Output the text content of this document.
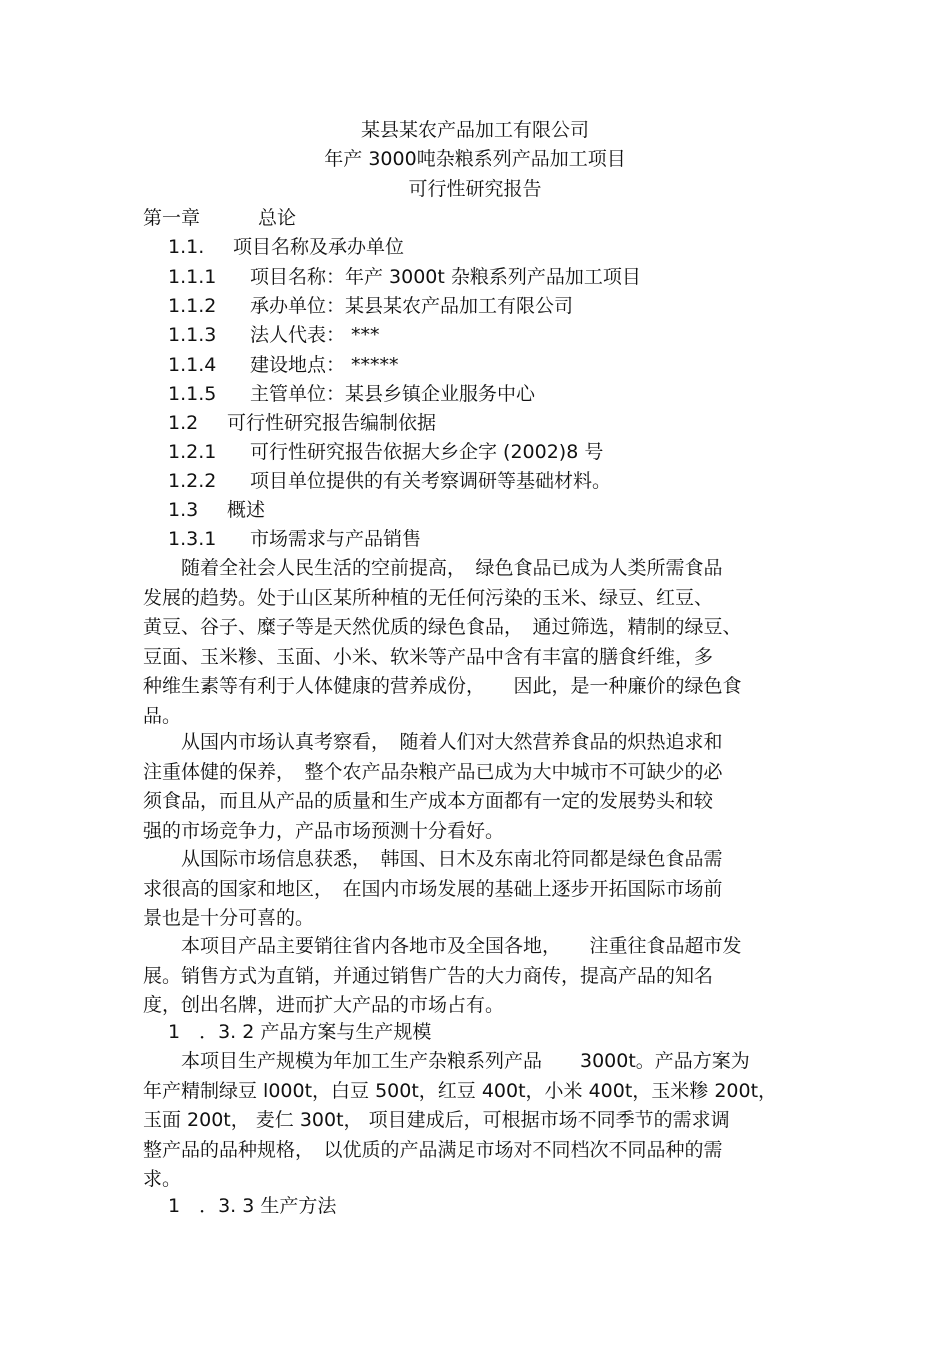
某县某农产品加工有限公司
年产 3000吨杂粮系列产品加工项目
可行性研究报告
第一章	总论
1.1. 项目名称及承办单位
1.1.1 项目名称：年产 3000t 杂粮系列产品加工项目
1.1.2 承办单位：某县某农产品加工有限公司
1.1.3 法人代表： ***
1.1.4 建设地点： *****
1.1.5 主管单位：某县乡镇企业服务中心
1.2 可行性研究报告编制依据
1.2.1 可行性研究报告依据大乡企字 (2002)8 号
1.2.2 项目单位提供的有关考察调研等基础材料。
1.3 概述
1.3.1 市场需求与产品销售

　　随着全社会人民生活的空前提高，　绿色食品已成为人类所需食品

发展的趋势。处于山区某所种植的无任何污染的玉米、绿豆、红豆、

黄豆、谷子、糜子等是天然优质的绿色食品，　通过筛选，精制的绿豆、

豆面、玉米糁、玉面、小米、软米等产品中含有丰富的膳食纤维，多

种维生素等有利于人体健康的营养成份，　　因此，是一种廉价的绿色食

品。

　　从国内市场认真考察看，　随着人们对大然营养食品的炽热追求和

注重体健的保养，　整个农产品杂粮产品已成为大中城市不可缺少的必

须食品，而且从产品的质量和生产成本方面都有一定的发展势头和较

强的市场竞争力，产品市场预测十分看好。

　　从国际市场信息获悉，　韩国、日木及东南北符同都是绿色食品需

求很高的国家和地区，　在国内市场发展的基础上逐步开拓国际市场前

景也是十分可喜的。

　　本项目产品主要销往省内各地市及全国各地，　　注重往食品超市发

展。销售方式为直销，并通过销售广告的大力商传，提高产品的知名

度，创出名牌，进而扩大产品的市场占有。

1　．3. 2 产品方案与生产规模

　　本项目生产规模为年加工生产杂粮系列产品　　3000t。产品方案为

年产精制绿豆 l000t，白豆 500t，红豆 400t，小米 400t，玉米糁 200t，

玉面 200t， 麦仁 300t， 项目建成后，可根据市场不同季节的需求调

整产品的品种规格，　以优质的产品满足市场对不同档次不同品种的需

求。

1　．3. 3 生产方法
